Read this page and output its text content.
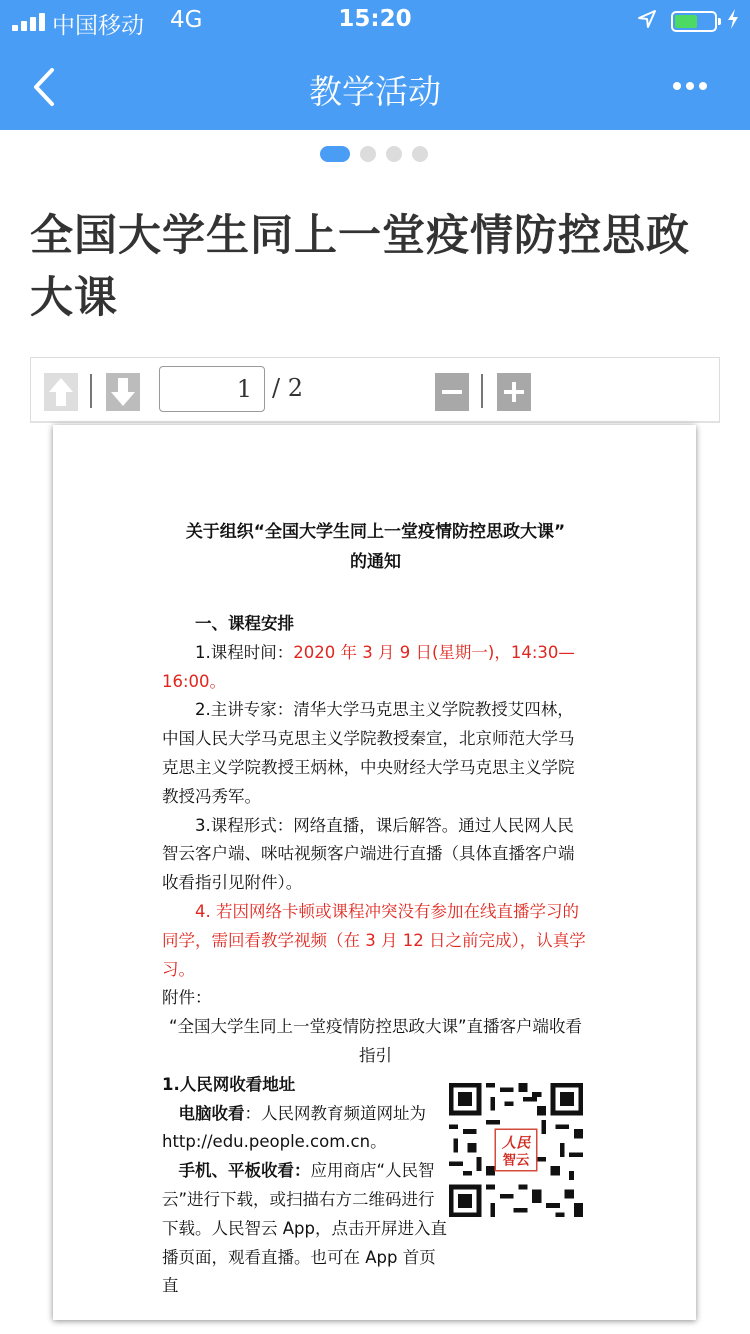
中国移动 4G	15:20
教学活动
全国大学生同上一堂疫情防控思政大课
1
/ 2
关于组织“全国大学生同上一堂疫情防控思政大课”
的通知

一、课程安排

1.课程时间：2020 年 3 月 9 日(星期一)，14:30—16:00。

2.主讲专家：清华大学马克思主义学院教授艾四林，中国人民大学马克思主义学院教授秦宣，北京师范大学马克思主义学院教授王炳林，中央财经大学马克思主义学院教授冯秀军。

3.课程形式：网络直播，课后解答。通过人民网人民智云客户端、咪咕视频客户端进行直播（具体直播客户端收看指引见附件）。

4. 若因网络卡顿或课程冲突没有参加在线直播学习的同学，需回看教学视频（在 3 月 12 日之前完成），认真学习。

附件：

“全国大学生同上一堂疫情防控思政大课”直播客户端收看指引

1.人民网收看地址

电脑收看：人民网教育频道网址为 http://edu.people.com.cn。

手机、平板收看：应用商店“人民智云”进行下载，或扫描右方二维码进行下载。人民智云 App，点击开屏进入直播页面，观看直播。也可在 App 首页直

人民
智云
